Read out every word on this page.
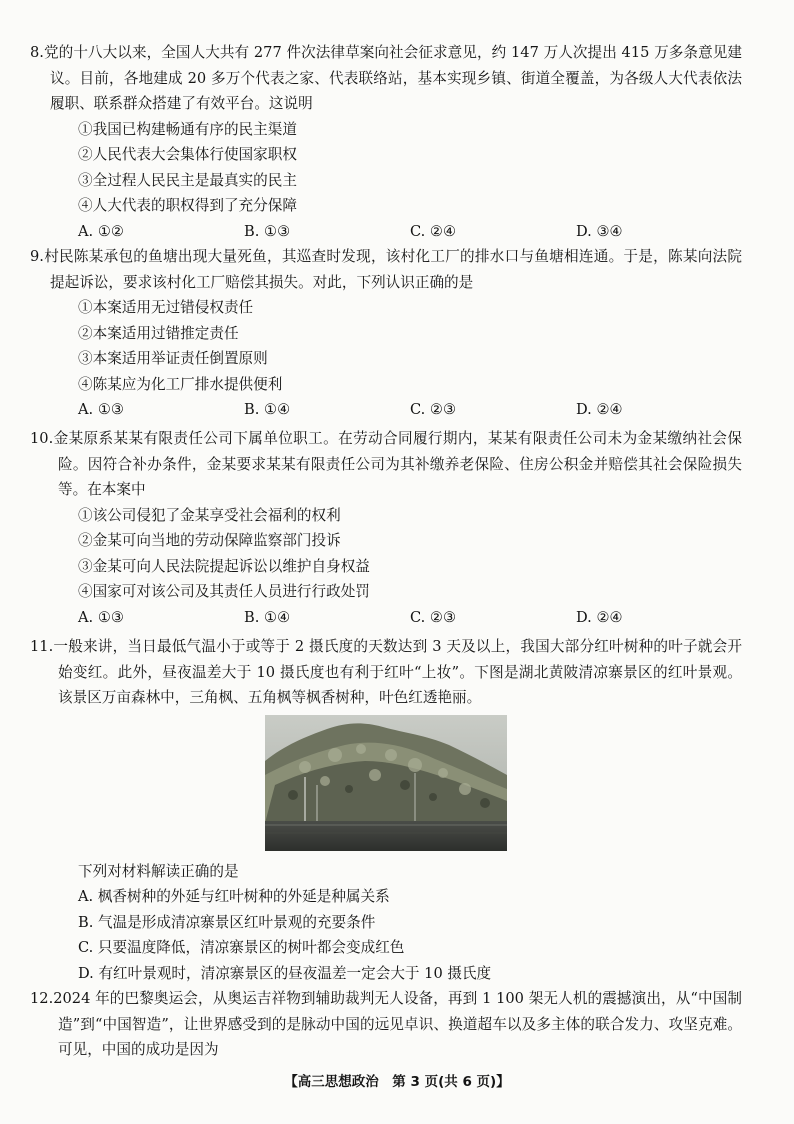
8.党的十八大以来，全国人大共有 277 件次法律草案向社会征求意见，约 147 万人次提出 415 万多条意见建议。目前，各地建成 20 多万个代表之家、代表联络站，基本实现乡镇、街道全覆盖，为各级人大代表依法履职、联系群众搭建了有效平台。这说明

①我国已构建畅通有序的民主渠道

②人民代表大会集体行使国家职权

③全过程人民民主是最真实的民主

④人大代表的职权得到了充分保障

A. ①②	B. ①③	C. ②④	D. ③④

9.村民陈某承包的鱼塘出现大量死鱼，其巡查时发现，该村化工厂的排水口与鱼塘相连通。于是，陈某向法院提起诉讼，要求该村化工厂赔偿其损失。对此，下列认识正确的是

①本案适用无过错侵权责任

②本案适用过错推定责任

③本案适用举证责任倒置原则

④陈某应为化工厂排水提供便利

A. ①③	B. ①④	C. ②③	D. ②④

10.金某原系某某有限责任公司下属单位职工。在劳动合同履行期内，某某有限责任公司未为金某缴纳社会保险。因符合补办条件，金某要求某某有限责任公司为其补缴养老保险、住房公积金并赔偿其社会保险损失等。在本案中

①该公司侵犯了金某享受社会福利的权利

②金某可向当地的劳动保障监察部门投诉

③金某可向人民法院提起诉讼以维护自身权益

④国家可对该公司及其责任人员进行行政处罚

A. ①③	B. ①④	C. ②③	D. ②④

11.一般来讲，当日最低气温小于或等于 2 摄氏度的天数达到 3 天及以上，我国大部分红叶树种的叶子就会开始变红。此外，昼夜温差大于 10 摄氏度也有利于红叶“上妆”。下图是湖北黄陂清凉寨景区的红叶景观。该景区万亩森林中，三角枫、五角枫等枫香树种，叶色红透艳丽。

下列对材料解读正确的是

A. 枫香树种的外延与红叶树种的外延是种属关系

B. 气温是形成清凉寨景区红叶景观的充要条件

C. 只要温度降低，清凉寨景区的树叶都会变成红色

D. 有红叶景观时，清凉寨景区的昼夜温差一定会大于 10 摄氏度

12.2024 年的巴黎奥运会，从奥运吉祥物到辅助裁判无人设备，再到 1 100 架无人机的震撼演出，从“中国制造”到“中国智造”，让世界感受到的是脉动中国的远见卓识、换道超车以及多主体的联合发力、攻坚克难。可见，中国的成功是因为

【高三思想政治　第 3 页(共 6 页)】
